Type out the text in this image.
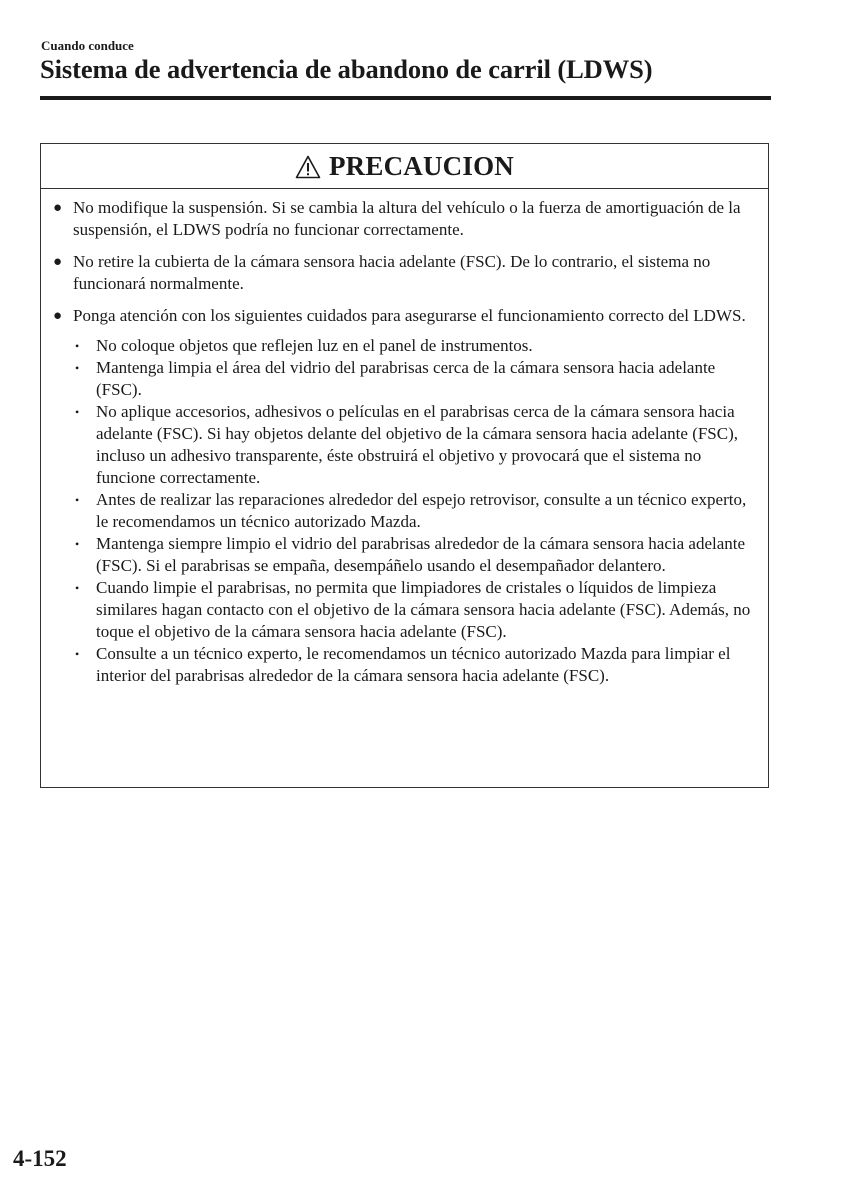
Cuando conduce
Sistema de advertencia de abandono de carril (LDWS)
PRECAUCION
● No modifique la suspensión. Si se cambia la altura del vehículo o la fuerza de amortiguación de la suspensión, el LDWS podría no funcionar correctamente.
● No retire la cubierta de la cámara sensora hacia adelante (FSC). De lo contrario, el sistema no funcionará normalmente.
● Ponga atención con los siguientes cuidados para asegurarse el funcionamiento correcto del LDWS.
• No coloque objetos que reflejen luz en el panel de instrumentos.
• Mantenga limpia el área del vidrio del parabrisas cerca de la cámara sensora hacia adelante (FSC).
• No aplique accesorios, adhesivos o películas en el parabrisas cerca de la cámara sensora hacia adelante (FSC). Si hay objetos delante del objetivo de la cámara sensora hacia adelante (FSC), incluso un adhesivo transparente, éste obstruirá el objetivo y provocará que el sistema no funcione correctamente.
• Antes de realizar las reparaciones alrededor del espejo retrovisor, consulte a un técnico experto, le recomendamos un técnico autorizado Mazda.
• Mantenga siempre limpio el vidrio del parabrisas alrededor de la cámara sensora hacia adelante (FSC). Si el parabrisas se empaña, desempáñelo usando el desempañador delantero.
• Cuando limpie el parabrisas, no permita que limpiadores de cristales o líquidos de limpieza similares hagan contacto con el objetivo de la cámara sensora hacia adelante (FSC). Además, no toque el objetivo de la cámara sensora hacia adelante (FSC).
• Consulte a un técnico experto, le recomendamos un técnico autorizado Mazda para limpiar el interior del parabrisas alrededor de la cámara sensora hacia adelante (FSC).
4-152
